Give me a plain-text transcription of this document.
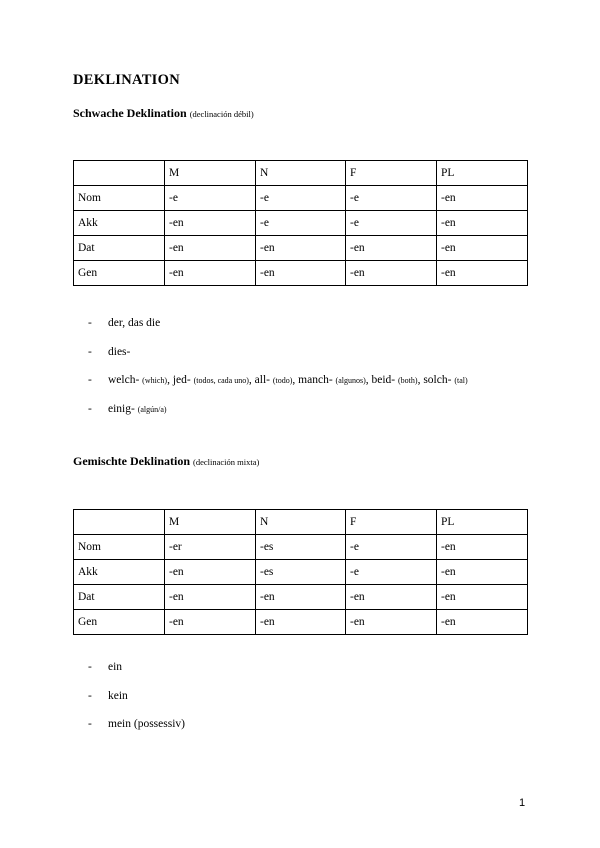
DEKLINATION
Schwache Deklination (declinación débil)
	M	N	F	PL
Nom	-e	-e	-e	-en
Akk	-en	-e	-e	-en
Dat	-en	-en	-en	-en
Gen	-en	-en	-en	-en
- der, das die
- dies-
- welch- (which), jed- (todos, cada uno), all- (todo), manch- (algunos), beid- (both), solch- (tal)
- einig- (algún/a)
Gemischte Deklination (declinación mixta)
	M	N	F	PL
Nom	-er	-es	-e	-en
Akk	-en	-es	-e	-en
Dat	-en	-en	-en	-en
Gen	-en	-en	-en	-en
- ein
- kein
- mein (possessiv)
1
